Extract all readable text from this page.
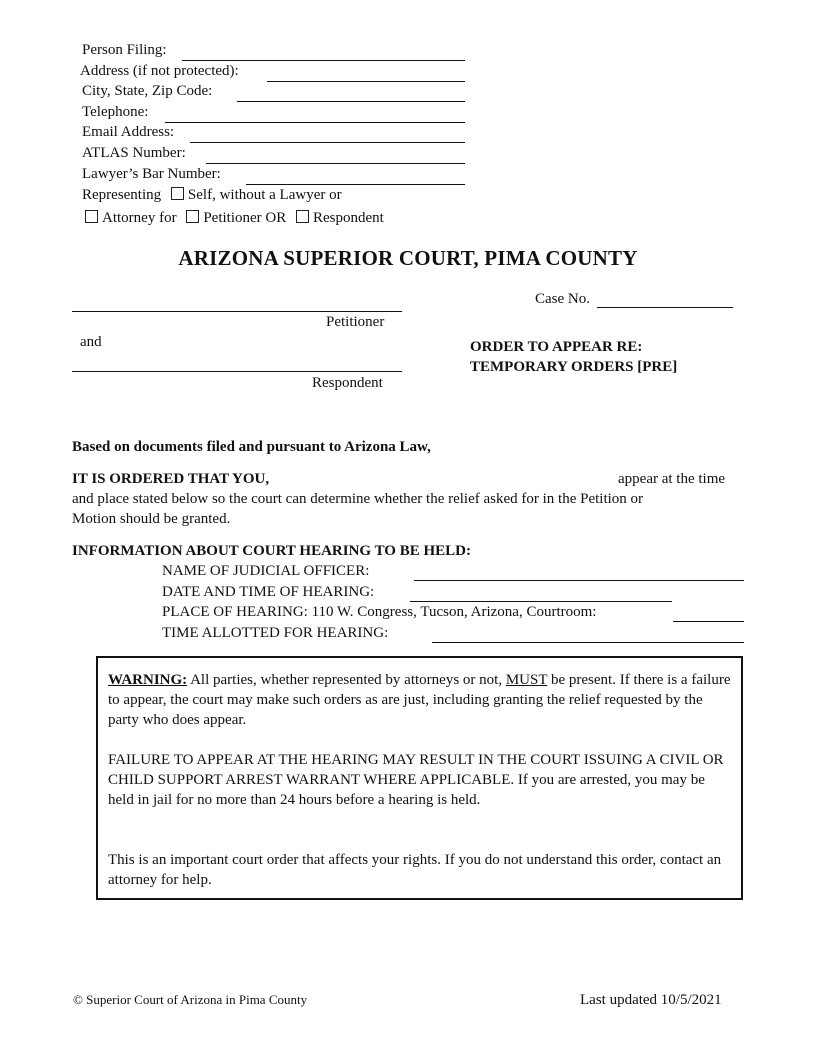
Person Filing:
Address (if not protected):
City, State, Zip Code:
Telephone:
Email Address:
ATLAS Number:
Lawyer’s Bar Number:
Representing Self, without a Lawyer or
Attorney for Petitioner OR Respondent
ARIZONA SUPERIOR COURT, PIMA COUNTY
Case No.
Petitioner
and
Respondent
ORDER TO APPEAR RE:
TEMPORARY ORDERS [PRE]
Based on documents filed and pursuant to Arizona Law,
IT IS ORDERED THAT YOU,	appear at the time
and place stated below so the court can determine whether the relief asked for in the Petition or
Motion should be granted.
INFORMATION ABOUT COURT HEARING TO BE HELD:
NAME OF JUDICIAL OFFICER:
DATE AND TIME OF HEARING:
PLACE OF HEARING: 110 W. Congress, Tucson, Arizona, Courtroom:
TIME ALLOTTED FOR HEARING:
WARNING: All parties, whether represented by attorneys or not, MUST be present. If there is a failure to appear, the court may make such orders as are just, including granting the relief requested by the party who does appear.
FAILURE TO APPEAR AT THE HEARING MAY RESULT IN THE COURT ISSUING A CIVIL OR CHILD SUPPORT ARREST WARRANT WHERE APPLICABLE. If you are arrested, you may be held in jail for no more than 24 hours before a hearing is held.
This is an important court order that affects your rights. If you do not understand this order, contact an attorney for help.
© Superior Court of Arizona in Pima County	Last updated 10/5/2021
